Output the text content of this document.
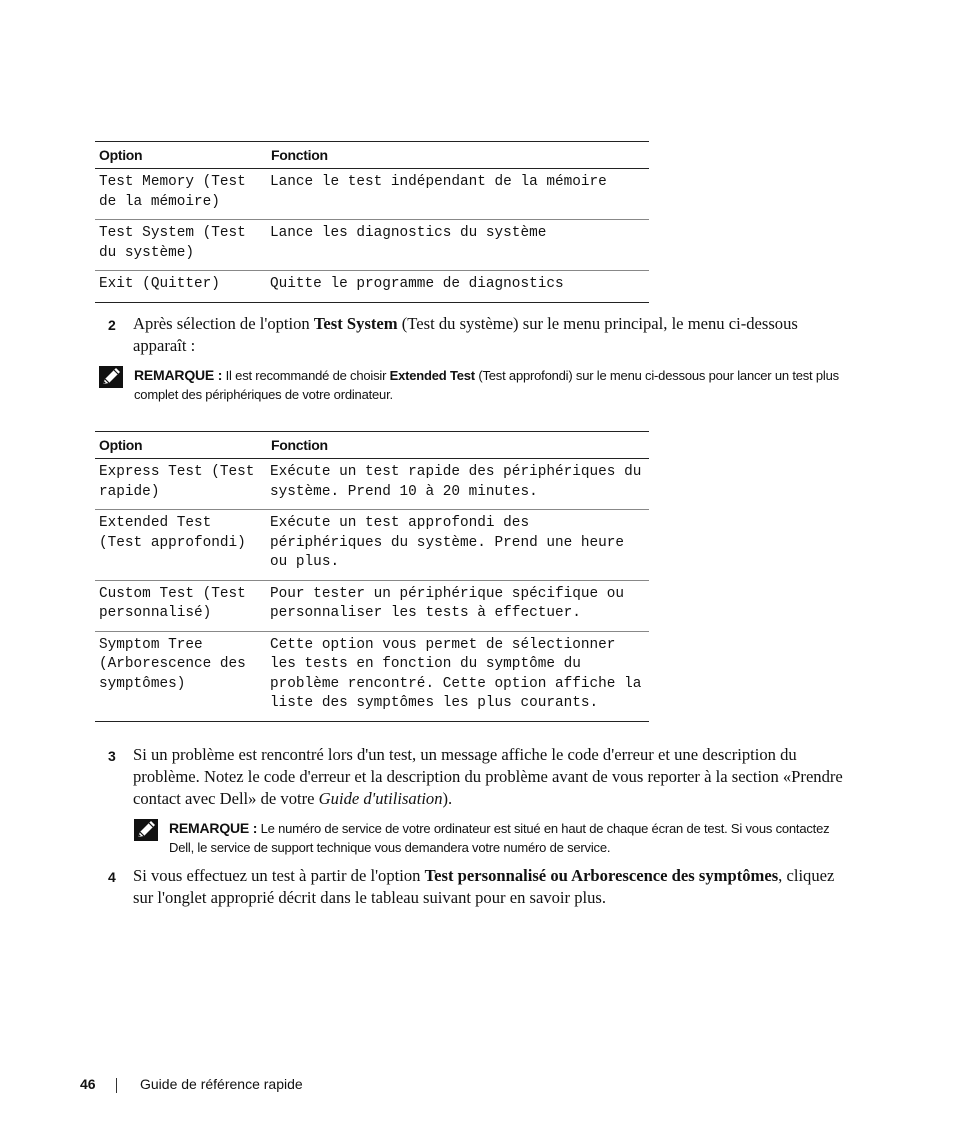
Option	Fonction
Test Memory (Test de la mémoire)	Lance le test indépendant de la mémoire
Test System (Test du système)	Lance les diagnostics du système
Exit (Quitter)	Quitte le programme de diagnostics
2 Après sélection de l'option Test System (Test du système) sur le menu principal, le menu ci-dessous apparaît :
REMARQUE : Il est recommandé de choisir Extended Test (Test approfondi) sur le menu ci-dessous pour lancer un test plus complet des périphériques de votre ordinateur.
Option	Fonction
Express Test (Test rapide)	Exécute un test rapide des périphériques du système. Prend 10 à 20 minutes.
Extended Test (Test approfondi)	Exécute un test approfondi des périphériques du système. Prend une heure ou plus.
Custom Test (Test personnalisé)	Pour tester un périphérique spécifique ou personnaliser les tests à effectuer.
Symptom Tree (Arborescence des symptômes)	Cette option vous permet de sélectionner les tests en fonction du symptôme du problème rencontré. Cette option affiche la liste des symptômes les plus courants.
3 Si un problème est rencontré lors d'un test, un message affiche le code d'erreur et une description du problème. Notez le code d'erreur et la description du problème avant de vous reporter à la section «Prendre contact avec Dell» de votre Guide d'utilisation).
REMARQUE : Le numéro de service de votre ordinateur est situé en haut de chaque écran de test. Si vous contactez Dell, le service de support technique vous demandera votre numéro de service.
4 Si vous effectuez un test à partir de l'option Test personnalisé ou Arborescence des symptômes, cliquez sur l'onglet approprié décrit dans le tableau suivant pour en savoir plus.
46	Guide de référence rapide
